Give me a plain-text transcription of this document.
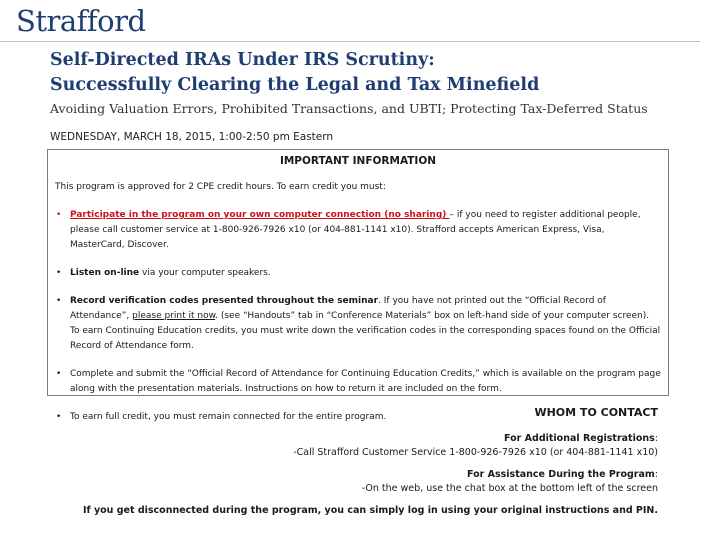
Strafford
Self-Directed IRAs Under IRS Scrutiny:
Successfully Clearing the Legal and Tax Minefield
Avoiding Valuation Errors, Prohibited Transactions, and UBTI; Protecting Tax-Deferred Status
WEDNESDAY, MARCH 18, 2015, 1:00-2:50 pm Eastern
IMPORTANT INFORMATION
This program is approved for 2 CPE credit hours. To earn credit you must:
• Participate in the program on your own computer connection (no sharing) – if you need to register additional people, please call customer service at 1-800-926-7926 x10 (or 404-881-1141 x10). Strafford accepts American Express, Visa, MasterCard, Discover.
• Listen on-line via your computer speakers.
• Record verification codes presented throughout the seminar. If you have not printed out the “Official Record of Attendance”, please print it now. (see “Handouts” tab in “Conference Materials” box on left-hand side of your computer screen). To earn Continuing Education credits, you must write down the verification codes in the corresponding spaces found on the Official Record of Attendance form.
• Complete and submit the “Official Record of Attendance for Continuing Education Credits,” which is available on the program page along with the presentation materials. Instructions on how to return it are included on the form.
• To earn full credit, you must remain connected for the entire program.	WHOM TO CONTACT
For Additional Registrations:
-Call Strafford Customer Service 1-800-926-7926 x10 (or 404-881-1141 x10)
For Assistance During the Program:
-On the web, use the chat box at the bottom left of the screen
If you get disconnected during the program, you can simply log in using your original instructions and PIN.
